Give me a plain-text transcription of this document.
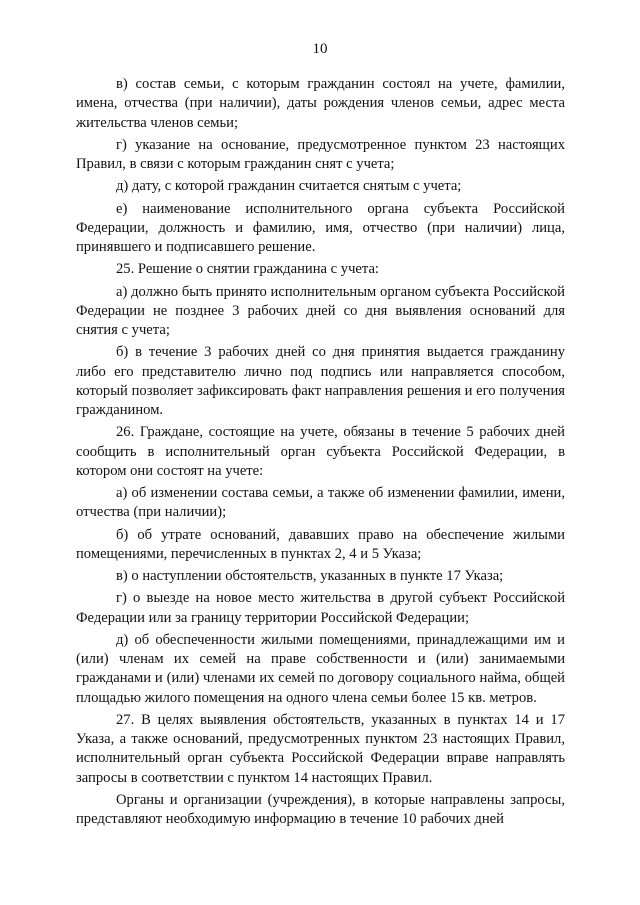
10

в) состав семьи, с которым гражданин состоял на учете, фамилии, имена, отчества (при наличии), даты рождения членов семьи, адрес места жительства членов семьи;

г) указание на основание, предусмотренное пунктом 23 настоящих Правил, в связи с которым гражданин снят с учета;

д) дату, с которой гражданин считается снятым с учета;

е) наименование исполнительного органа субъекта Российской Федерации, должность и фамилию, имя, отчество (при наличии) лица, принявшего и подписавшего решение.

25. Решение о снятии гражданина с учета:

а) должно быть принято исполнительным органом субъекта Российской Федерации не позднее 3 рабочих дней со дня выявления оснований для снятия с учета;

б) в течение 3 рабочих дней со дня принятия выдается гражданину либо его представителю лично под подпись или направляется способом, который позволяет зафиксировать факт направления решения и его получения гражданином.

26. Граждане, состоящие на учете, обязаны в течение 5 рабочих дней сообщить в исполнительный орган субъекта Российской Федерации, в котором они состоят на учете:

а) об изменении состава семьи, а также об изменении фамилии, имени, отчества (при наличии);

б) об утрате оснований, дававших право на обеспечение жилыми помещениями, перечисленных в пунктах 2, 4 и 5 Указа;

в) о наступлении обстоятельств, указанных в пункте 17 Указа;

г) о выезде на новое место жительства в другой субъект Российской Федерации или за границу территории Российской Федерации;

д) об обеспеченности жилыми помещениями, принадлежащими им и (или) членам их семей на праве собственности и (или) занимаемыми гражданами и (или) членами их семей по договору социального найма, общей площадью жилого помещения на одного члена семьи более 15 кв. метров.

27. В целях выявления обстоятельств, указанных в пунктах 14 и 17 Указа, а также оснований, предусмотренных пунктом 23 настоящих Правил, исполнительный орган субъекта Российской Федерации вправе направлять запросы в соответствии с пунктом 14 настоящих Правил.

Органы и организации (учреждения), в которые направлены запросы, представляют необходимую информацию в течение 10 рабочих дней
